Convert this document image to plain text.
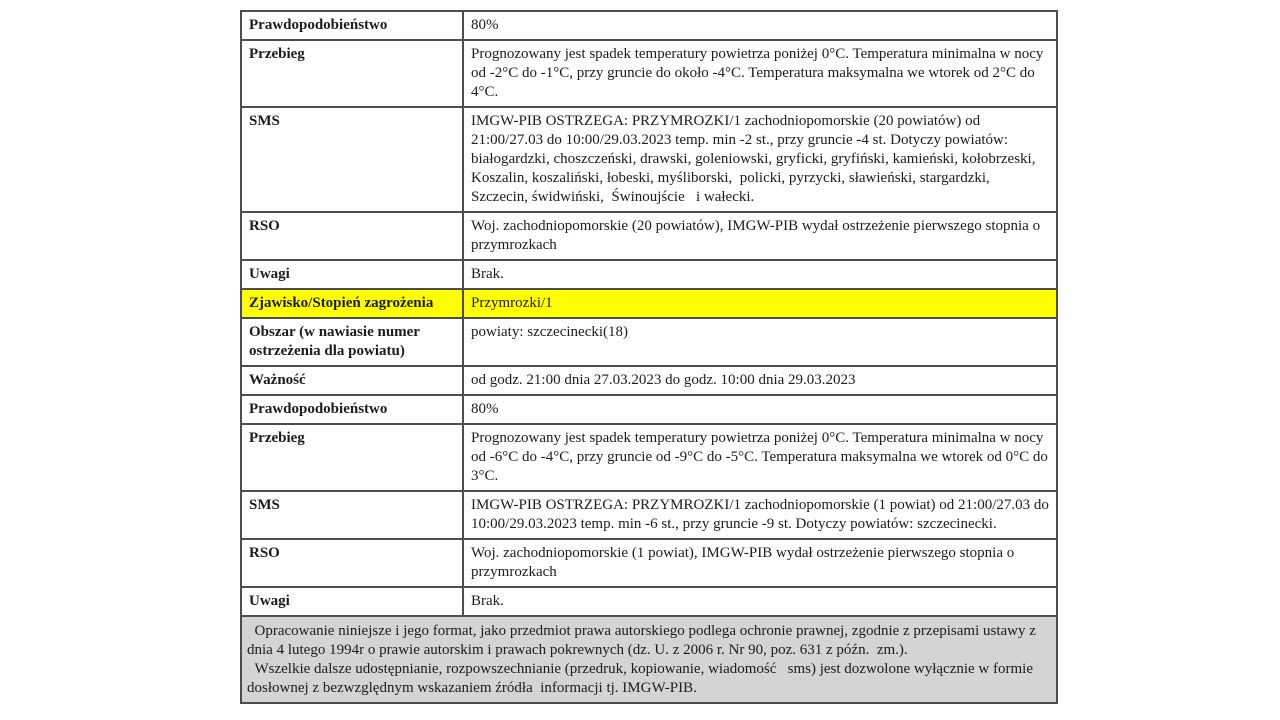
Prawdopodobieństwo	80%
Przebieg	Prognozowany jest spadek temperatury powietrza poniżej 0°C. Temperatura minimalna w nocy od -2°C do -1°C, przy gruncie do około -4°C. Temperatura maksymalna we wtorek od 2°C do 4°C.
SMS	IMGW-PIB OSTRZEGA: PRZYMROZKI/1 zachodniopomorskie (20 powiatów) od 21:00/27.03 do 10:00/29.03.2023 temp. min -2 st., przy gruncie -4 st. Dotyczy powiatów: białogardzki, choszczeński, drawski, goleniowski, gryficki, gryfiński, kamieński, kołobrzeski, Koszalin, koszaliński, łobeski, myśliborski,  policki, pyrzycki, sławieński, stargardzki, Szczecin, świdwiński,  Świnoujście   i wałecki.
RSO	Woj. zachodniopomorskie (20 powiatów), IMGW-PIB wydał ostrzeżenie pierwszego stopnia o przymrozkach
Uwagi	Brak.
Zjawisko/Stopień zagrożenia	Przymrozki/1
Obszar (w nawiasie numer ostrzeżenia dla powiatu)	powiaty: szczecinecki(18)
Ważność	od godz. 21:00 dnia 27.03.2023 do godz. 10:00 dnia 29.03.2023
Prawdopodobieństwo	80%
Przebieg	Prognozowany jest spadek temperatury powietrza poniżej 0°C. Temperatura minimalna w nocy od -6°C do -4°C, przy gruncie od -9°C do -5°C. Temperatura maksymalna we wtorek od 0°C do 3°C.
SMS	IMGW-PIB OSTRZEGA: PRZYMROZKI/1 zachodniopomorskie (1 powiat) od 21:00/27.03 do 10:00/29.03.2023 temp. min -6 st., przy gruncie -9 st. Dotyczy powiatów: szczecinecki.
RSO	Woj. zachodniopomorskie (1 powiat), IMGW-PIB wydał ostrzeżenie pierwszego stopnia o przymrozkach
Uwagi	Brak.

Opracowanie niniejsze i jego format, jako przedmiot prawa autorskiego podlega ochronie prawnej, zgodnie z przepisami ustawy z dnia 4 lutego 1994r o prawie autorskim i prawach pokrewnych (dz. U. z 2006 r. Nr 90, poz. 631 z późn.  zm.).

Wszelkie dalsze udostępnianie, rozpowszechnianie (przedruk, kopiowanie, wiadomość   sms) jest dozwolone wyłącznie w formie dosłownej z bezwzględnym wskazaniem źródła  informacji tj. IMGW-PIB.
